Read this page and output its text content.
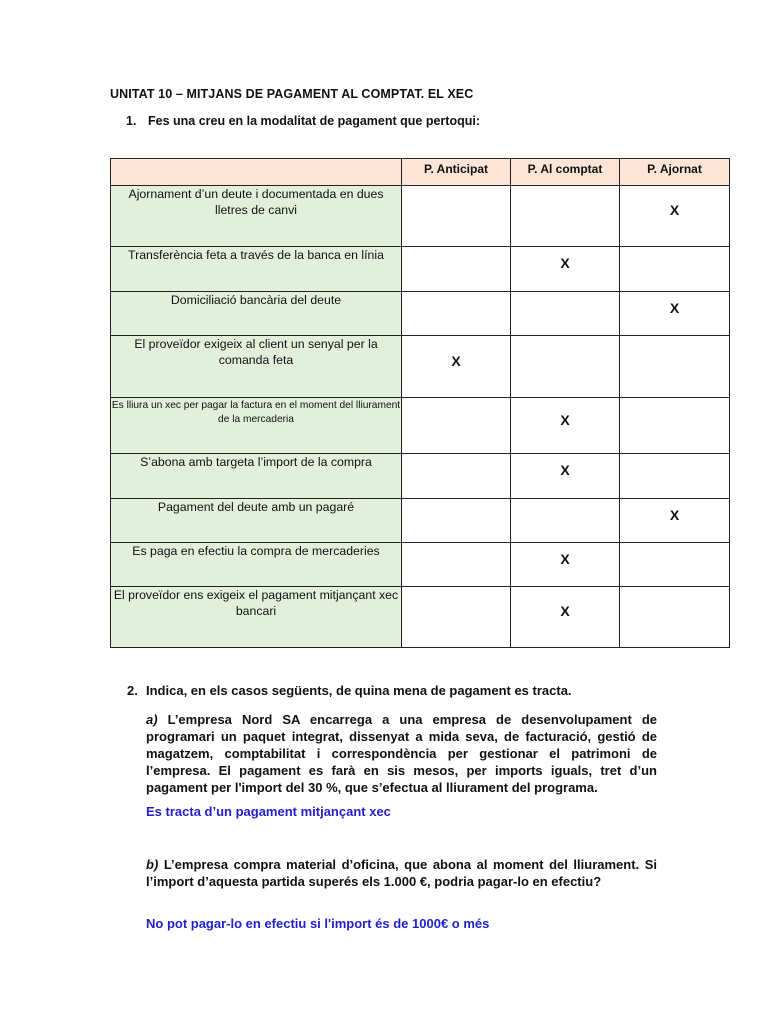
UNITAT 10 – MITJANS DE PAGAMENT AL COMPTAT. EL XEC
1. Fes una creu en la modalitat de pagament que pertoqui:
	P. Anticipat	P. Al comptat	P. Ajornat
Ajornament d’un deute i documentada en dues lletres de canvi			X
Transferència feta a través de la banca en línia		X	
Domiciliació bancària del deute			X
El proveïdor exigeix al client un senyal per la comanda feta	X		
Es lliura un xec per pagar la factura en el moment del lliurament de la mercaderia		X	
S’abona amb targeta l’import de la compra		X	
Pagament del deute amb un pagaré			X
Es paga en efectiu la compra de mercaderies		X	
El proveïdor ens exigeix el pagament mitjançant xec bancari		X	
2. Indica, en els casos següents, de quina mena de pagament es tracta.
a) L’empresa Nord SA encarrega a una empresa de desenvolupament de programari un paquet integrat, dissenyat a mida seva, de facturació, gestió de magatzem, comptabilitat i correspondència per gestionar el patrimoni de l’empresa. El pagament es farà en sis mesos, per imports iguals, tret d’un pagament per l'import del 30 %, que s’efectua al lliurament del programa.
Es tracta d’un pagament mitjançant xec
b) L’empresa compra material d’oficina, que abona al moment del lliurament. Si l’import d’aquesta partida superés els 1.000 €, podria pagar-lo en efectiu?
No pot pagar-lo en efectiu si l'import és de 1000€ o més
